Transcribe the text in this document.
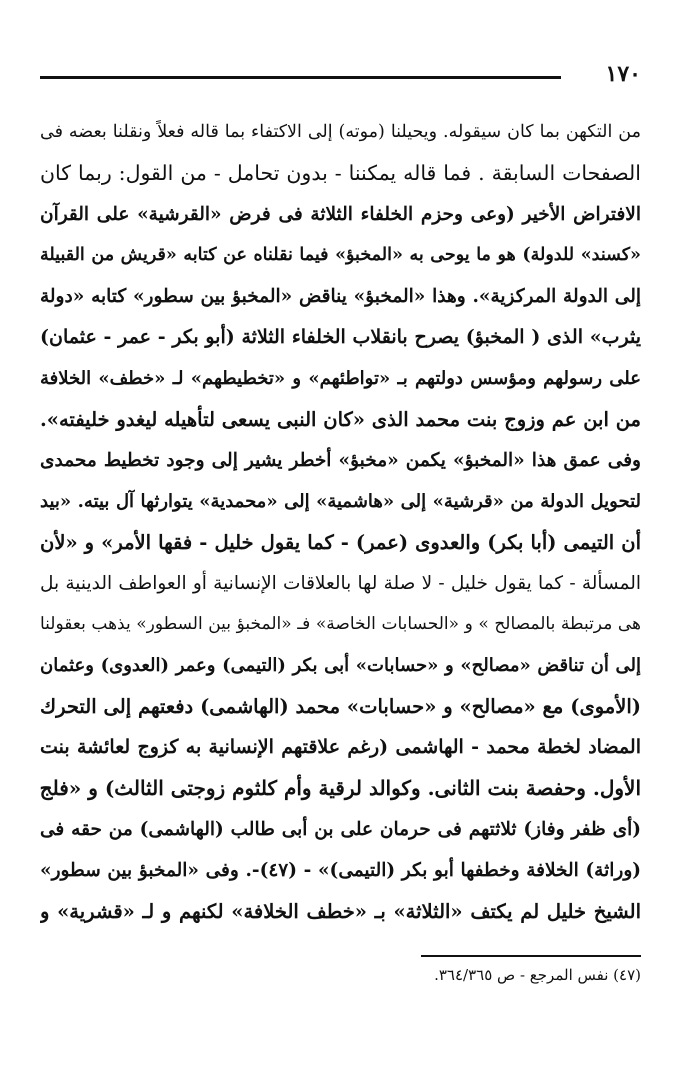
١٧٠
من التكهن بما كان سيقوله. ويحيلنا (موته) إلى الاكتفاء بما قاله فعلاً ونقلنا بعضه فى
الصفحات السابقة . فما قاله يمكننا - بدون تحامل - من القول: ربما كان
الافتراض الأخير (وعى وحزم الخلفاء الثلاثة فى فرض «القرشية» على القرآن
«كسند» للدولة) هو ما يوحى به «المخبؤ» فيما نقلناه عن كتابه «قريش من القبيلة
إلى الدولة المركزية». وهذا «المخبؤ» يناقض «المخبؤ بين سطور» كتابه «دولة
يثرب» الذى ( المخبؤ) يصرح بانقلاب الخلفاء الثلاثة (أبو بكر - عمر - عثمان)
على رسولهم ومؤسس دولتهم بـ «تواطئهم» و «تخطيطهم» لـ «خطف» الخلافة
من ابن عم وزوج بنت محمد الذى «كان النبى يسعى لتأهيله ليغدو خليفته».
وفى عمق هذا «المخبؤ» يكمن «مخبؤ» أخطر يشير إلى وجود تخطيط محمدى
لتحويل الدولة من «قرشية» إلى «هاشمية» إلى «محمدية» يتوارثها آل بيته. «بيد
أن التيمى (أبا بكر) والعدوى (عمر) - كما يقول خليل - فقها الأمر» و «لأن
المسألة - كما يقول خليل - لا صلة لها بالعلاقات الإنسانية أو العواطف الدينية بل
هى مرتبطة بالمصالح » و «الحسابات الخاصة» فـ «المخبؤ بين السطور» يذهب بعقولنا
إلى أن تناقض «مصالح» و «حسابات» أبى بكر (التيمى) وعمر (العدوى) وعثمان
(الأموى) مع «مصالح» و «حسابات» محمد (الهاشمى) دفعتهم إلى التحرك
المضاد لخطة محمد - الهاشمى (رغم علاقتهم الإنسانية به كزوج لعائشة بنت
الأول. وحفصة بنت الثانى. وكوالد لرقية وأم كلثوم زوجتى الثالث) و «فلج
(أى ظفر وفاز) ثلاثتهم فى حرمان على بن أبى طالب (الهاشمى) من حقه فى
(وراثة) الخلافة وخطفها أبو بكر (التيمى)» - (٤٧)-. وفى «المخبؤ بين سطور»
الشيخ خليل لم يكتف «الثلاثة» بـ «خطف الخلافة» لكنهم و لـ «قشرية» و
(٤٧) نفس المرجع - ص ٣٦٤/٣٦٥.
